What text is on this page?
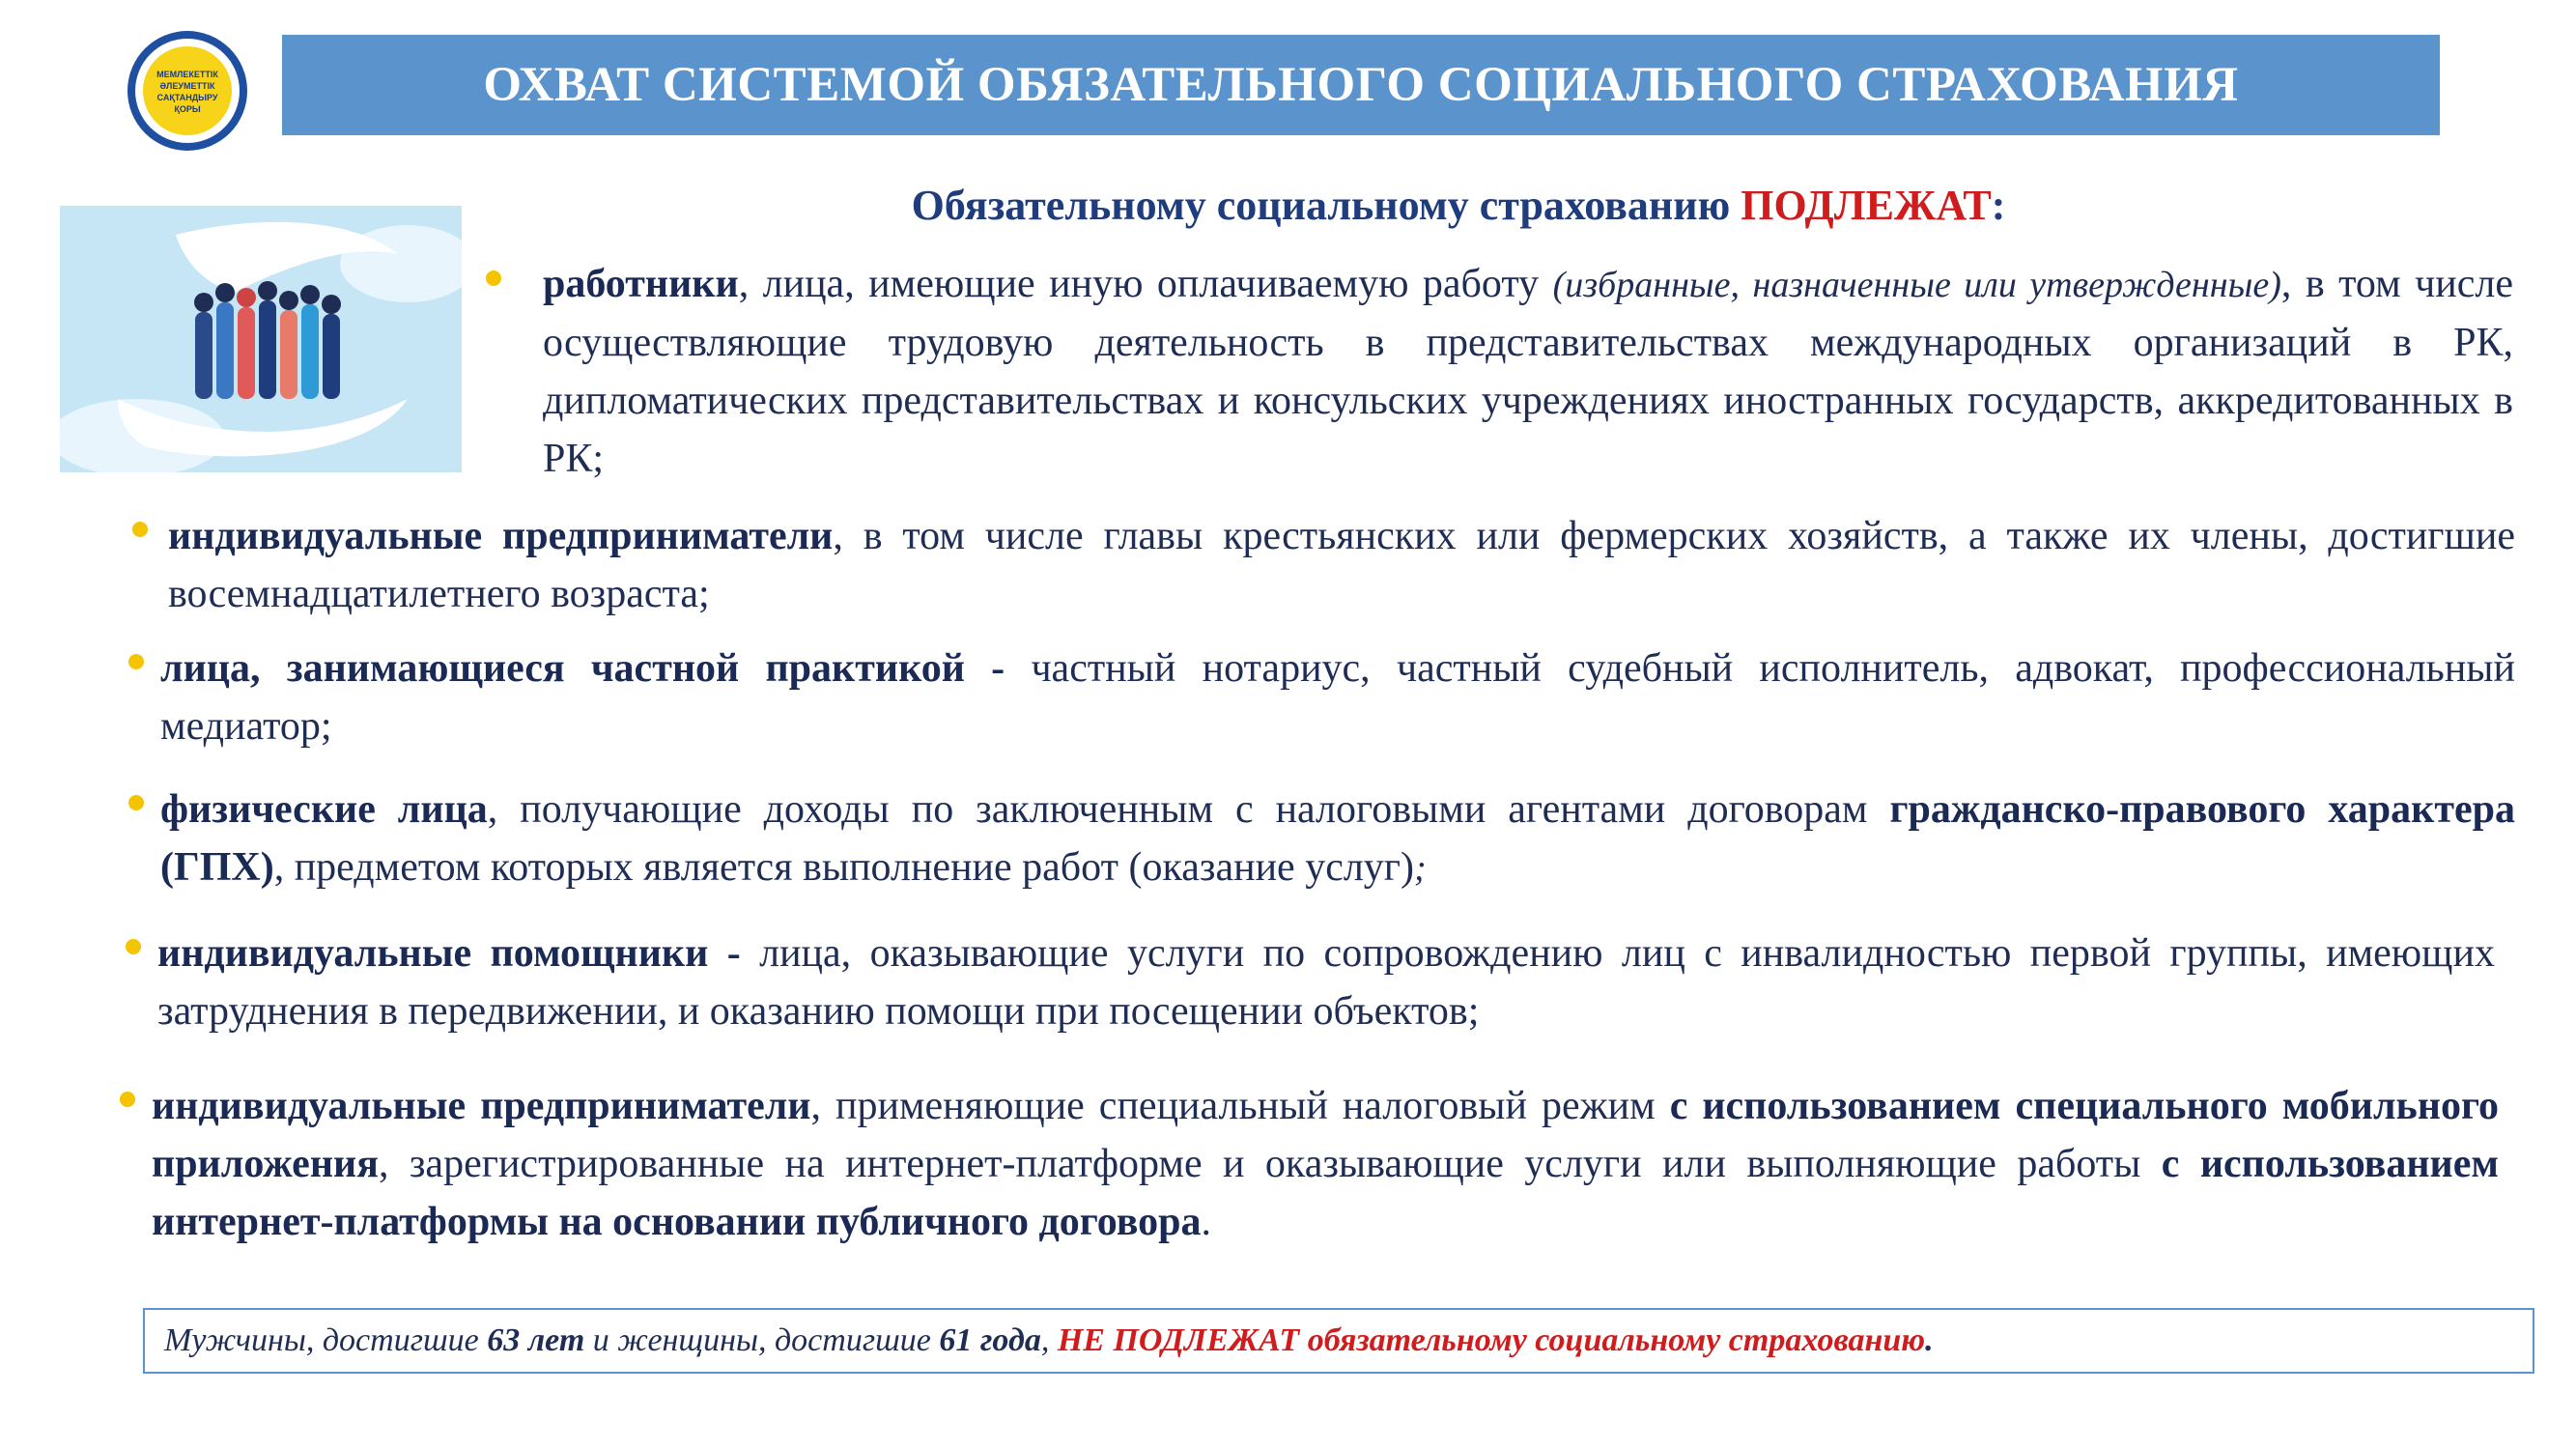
МЕМЛЕКЕТТІК
ӘЛЕУМЕТТІК
САҚТАНДЫРУ
ҚОРЫ	ОХВАТ СИСТЕМОЙ ОБЯЗАТЕЛЬНОГО СОЦИАЛЬНОГО СТРАХОВАНИЯ
Обязательному социальному страхованию ПОДЛЕЖАТ:
работники, лица, имеющие иную оплачиваемую работу (избранные, назначенные или утвержденные), в том числе осуществляющие трудовую деятельность в представительствах международных организаций в РК, дипломатических представительствах и консульских учреждениях иностранных государств, аккредитованных в РК;
индивидуальные предприниматели, в том числе главы крестьянских или фермерских хозяйств, а также их члены, достигшие восемнадцатилетнего возраста;
лица, занимающиеся частной практикой - частный нотариус, частный судебный исполнитель, адвокат, профессиональный медиатор;
физические лица, получающие доходы по заключенным с налоговыми агентами договорам гражданско-правового характера (ГПХ), предметом которых является выполнение работ (оказание услуг);
индивидуальные помощники - лица, оказывающие услуги по сопровождению лиц с инвалидностью первой группы, имеющих затруднения в передвижении, и оказанию помощи при посещении объектов;
индивидуальные предприниматели, применяющие специальный налоговый режим с использованием специального мобильного приложения, зарегистрированные на интернет-платформе и оказывающие услуги или выполняющие работы с использованием интернет-платформы на основании публичного договора.
Мужчины, достигшие 63 лет и женщины, достигшие 61 года, НЕ ПОДЛЕЖАТ обязательному социальному страхованию.
